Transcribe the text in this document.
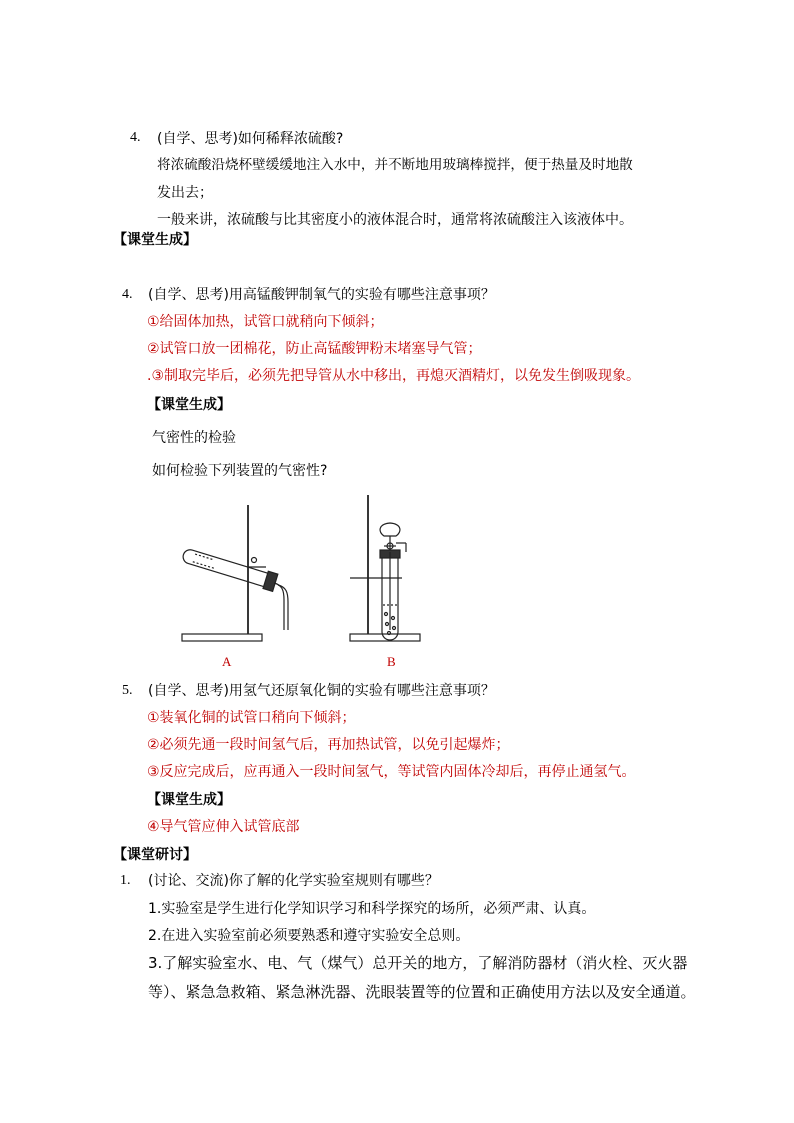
4. (自学、思考)如何稀释浓硫酸?
将浓硫酸沿烧杯壁缓缓地注入水中，并不断地用玻璃棒搅拌，便于热量及时地散
发出去；
一般来讲，浓硫酸与比其密度小的液体混合时，通常将浓硫酸注入该液体中。
【课堂生成】
4. (自学、思考)用高锰酸钾制氧气的实验有哪些注意事项？
①给固体加热，试管口就稍向下倾斜；
②试管口放一团棉花，防止高锰酸钾粉末堵塞导气管；
.③制取完毕后，必须先把导管从水中移出，再熄灭酒精灯，以免发生倒吸现象。
【课堂生成】
气密性的检验
如何检验下列装置的气密性?
A	B
5. (自学、思考)用氢气还原氧化铜的实验有哪些注意事项？
①装氧化铜的试管口稍向下倾斜；
②必须先通一段时间氢气后，再加热试管，以免引起爆炸；
③反应完成后，应再通入一段时间氢气，等试管内固体冷却后，再停止通氢气。
【课堂生成】
④导气管应伸入试管底部
【课堂研讨】
1. (讨论、交流)你了解的化学实验室规则有哪些？
1.实验室是学生进行化学知识学习和科学探究的场所，必须严肃、认真。
2.在进入实验室前必须要熟悉和遵守实验安全总则。
3.了解实验室水、电、气（煤气）总开关的地方，了解消防器材（消火栓、灭火器
等）、紧急急救箱、紧急淋洗器、洗眼装置等的位置和正确使用方法以及安全通道。
